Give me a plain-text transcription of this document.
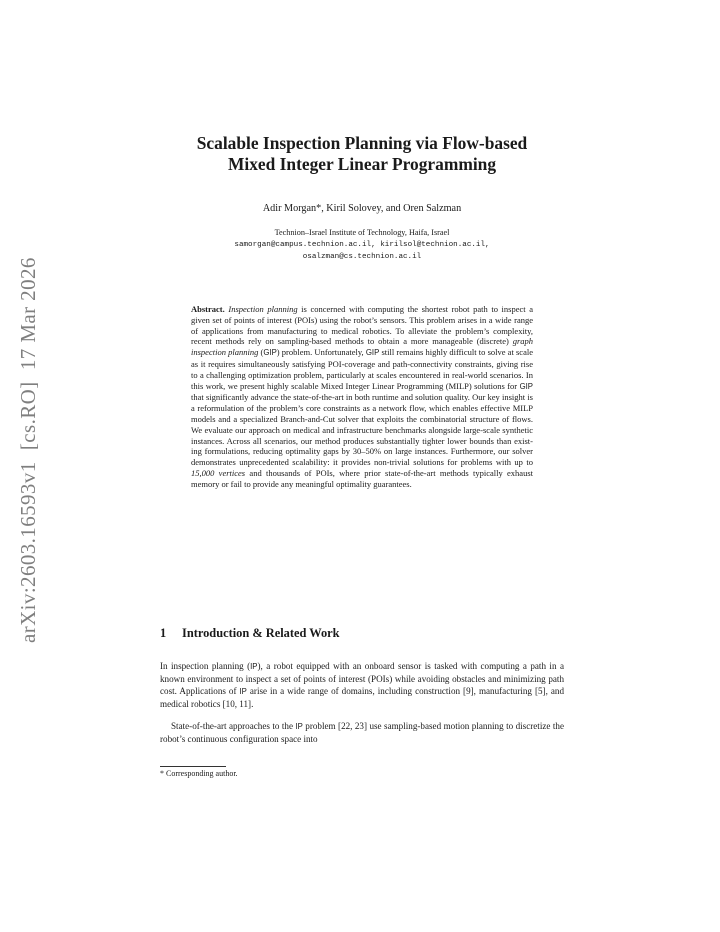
arXiv:2603.16593v1  [cs.RO]  17 Mar 2026
Scalable Inspection Planning via Flow-based
Mixed Integer Linear Programming
Adir Morgan*, Kiril Solovey, and Oren Salzman
Technion–Israel Institute of Technology, Haifa, Israel
samorgan@campus.technion.ac.il, kirilsol@technion.ac.il,
osalzman@cs.technion.ac.il
Abstract. Inspection planning is concerned with computing the shortest robot path to inspect a given set of points of interest (POIs) using the robot’s sensors. This problem arises in a wide range of applications from manufacturing to medical robotics. To alleviate the problem’s complexity, recent methods rely on sampling-based methods to obtain a more manageable (discrete) graph inspection planning (GIP) problem. Unfortunately, GIP still remains highly difficult to solve at scale as it requires simultaneously satisfying POI-coverage and path-connectivity constraints, giving rise to a challenging optimization problem, particularly at scales encountered in real-world scenarios. In this work, we present highly scalable Mixed Integer Linear Programming (MILP) solutions for GIP that significantly advance the state-of-the-art in both runtime and solution quality. Our key insight is a reformulation of the problem’s core constraints as a network flow, which enables effective MILP models and a specialized Branch-and-Cut solver that exploits the combinatorial structure of flows. We evaluate our approach on medical and infrastructure benchmarks alongside large-scale synthetic instances. Across all scenarios, our method produces substantially tighter lower bounds than existing formulations, reducing optimality gaps by 30–50% on large instances. Furthermore, our solver demonstrates unprecedented scalability: it provides non-trivial solutions for problems with up to 15,000 vertices and thousands of POIs, where prior state-of-the-art methods typically exhaust memory or fail to provide any meaningful optimality guarantees.
1 Introduction & Related Work

In inspection planning (IP), a robot equipped with an onboard sensor is tasked with computing a path in a known environment to inspect a set of points of interest (POIs) while avoiding obstacles and minimizing path cost. Applications of IP arise in a wide range of domains, including construction [9], manufacturing [5], and medical robotics [10, 11].

State-of-the-art approaches to the IP problem [22, 23] use sampling-based motion planning to discretize the robot’s continuous configuration space into

* Corresponding author.
